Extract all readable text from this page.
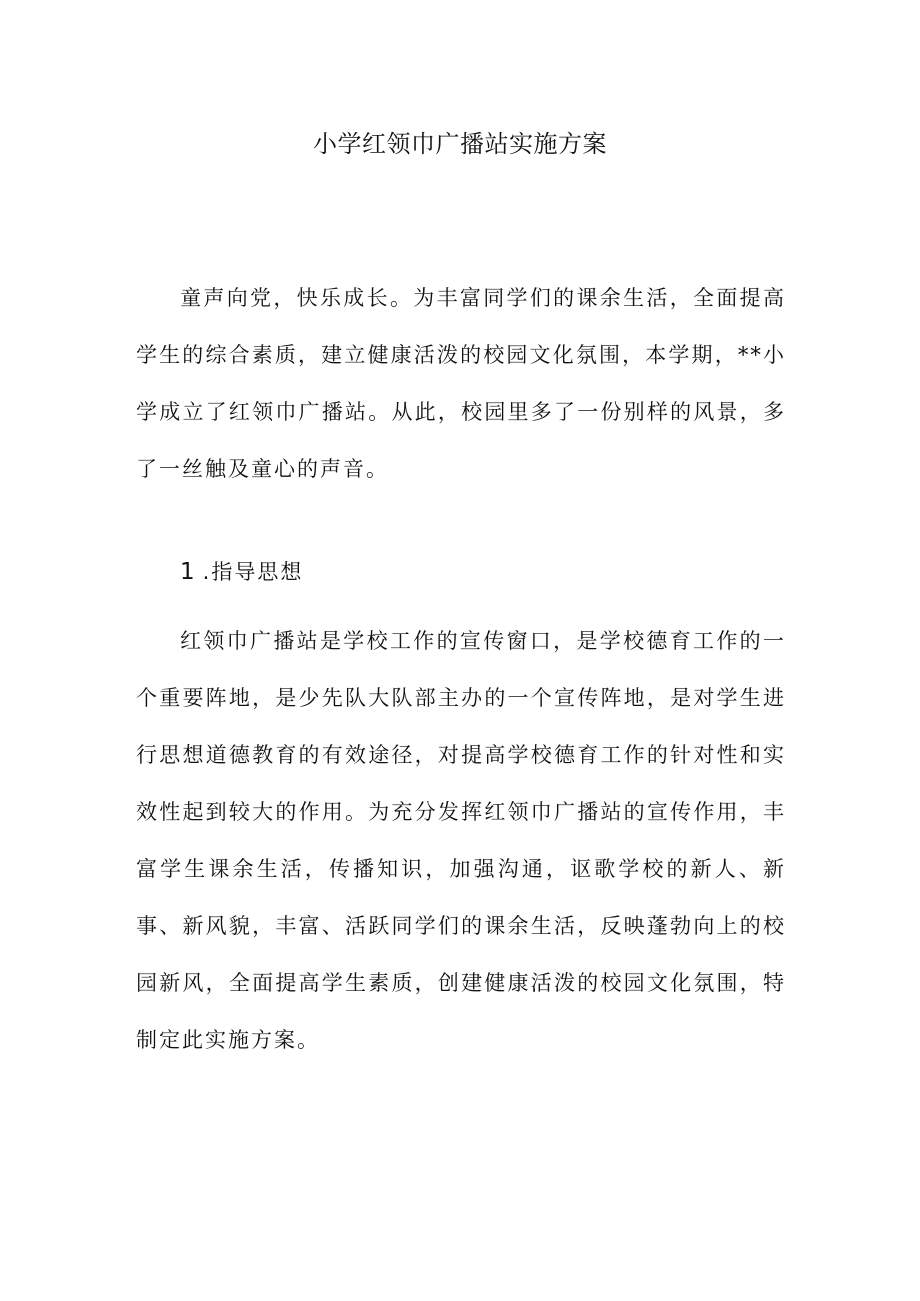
小学红领巾广播站实施方案

童声向党，快乐成长。为丰富同学们的课余生活，全面提高学生的综合素质，建立健康活泼的校园文化氛围，本学期，**小学成立了红领巾广播站。从此，校园里多了一份别样的风景，多了一丝触及童心的声音。

1 .指导思想

红领巾广播站是学校工作的宣传窗口，是学校德育工作的一个重要阵地，是少先队大队部主办的一个宣传阵地，是对学生进行思想道德教育的有效途径，对提高学校德育工作的针对性和实效性起到较大的作用。为充分发挥红领巾广播站的宣传作用，丰富学生课余生活，传播知识，加强沟通，讴歌学校的新人、新事、新风貌，丰富、活跃同学们的课余生活，反映蓬勃向上的校园新风，全面提高学生素质，创建健康活泼的校园文化氛围，特制定此实施方案。
